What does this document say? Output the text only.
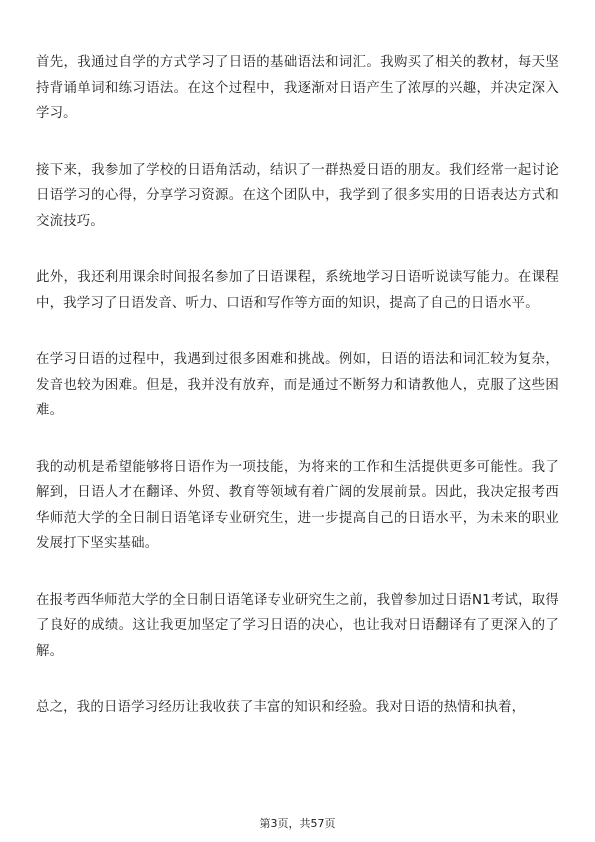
首先，我通过自学的方式学习了日语的基础语法和词汇。我购买了相关的教材，每天坚持背诵单词和练习语法。在这个过程中，我逐渐对日语产生了浓厚的兴趣，并决定深入学习。

接下来，我参加了学校的日语角活动，结识了一群热爱日语的朋友。我们经常一起讨论日语学习的心得，分享学习资源。在这个团队中，我学到了很多实用的日语表达方式和交流技巧。

此外，我还利用课余时间报名参加了日语课程，系统地学习日语听说读写能力。在课程中，我学习了日语发音、听力、口语和写作等方面的知识，提高了自己的日语水平。

在学习日语的过程中，我遇到过很多困难和挑战。例如，日语的语法和词汇较为复杂，发音也较为困难。但是，我并没有放弃，而是通过不断努力和请教他人，克服了这些困难。

我的动机是希望能够将日语作为一项技能，为将来的工作和生活提供更多可能性。我了解到，日语人才在翻译、外贸、教育等领域有着广阔的发展前景。因此，我决定报考西华师范大学的全日制日语笔译专业研究生，进一步提高自己的日语水平，为未来的职业发展打下坚实基础。

在报考西华师范大学的全日制日语笔译专业研究生之前，我曾参加过日语N1考试，取得了良好的成绩。这让我更加坚定了学习日语的决心，也让我对日语翻译有了更深入的了解。

总之，我的日语学习经历让我收获了丰富的知识和经验。我对日语的热情和执着，

第3页，共57页
